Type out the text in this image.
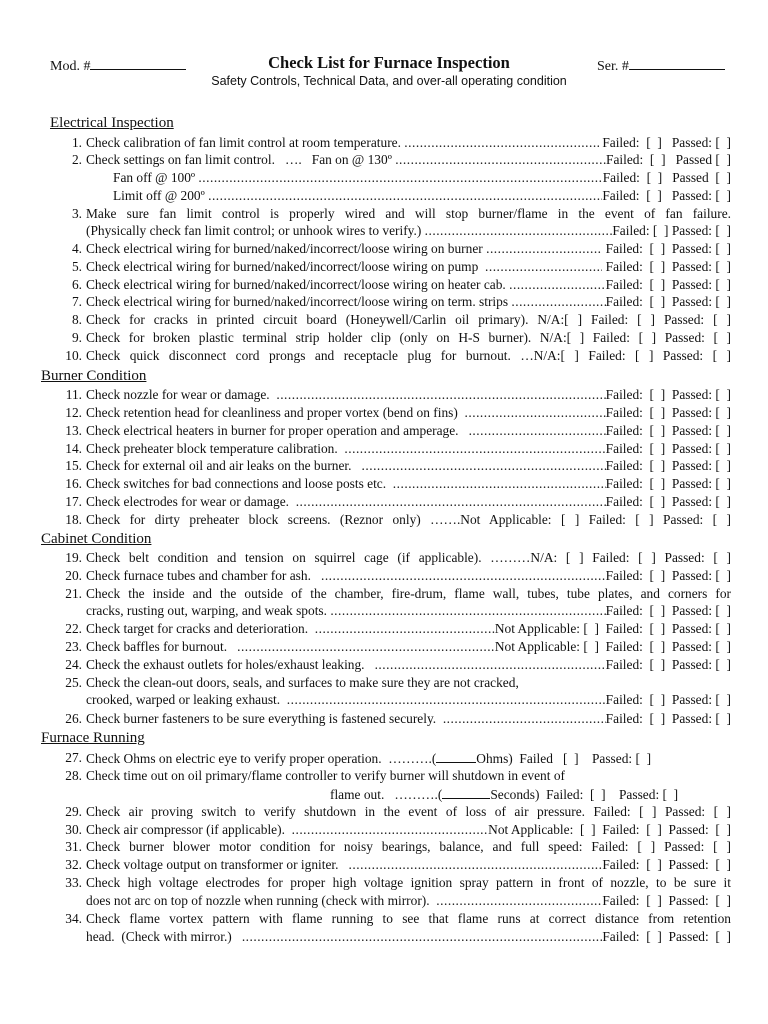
Mod. #	Check List for Furnace Inspection	Ser. #
Safety Controls, Technical Data, and over-all operating condition
Electrical Inspection
1. Check calibration of fan limit control at room temperature. .....	Failed:  [  ]   Passed: [  ]
2. Check settings on fan limit control.   ….   Fan on @ 130º .....	Failed:  [  ]   Passed [  ]
Fan off @ 100º .....	Failed:  [  ]   Passed  [  ]
Limit off @ 200º .....	Failed:  [  ]   Passed: [  ]
3. Make sure fan limit control is properly wired and will stop burner/flame in the event of fan failure.
(Physically check fan limit control; or unhook wires to verify.) .....	Failed: [  ] Passed: [  ]
4. Check electrical wiring for burned/naked/incorrect/loose wiring on burner .....	Failed:  [  ]  Passed: [  ]
5. Check electrical wiring for burned/naked/incorrect/loose wiring on pump .....	Failed:  [  ]  Passed: [  ]
6. Check electrical wiring for burned/naked/incorrect/loose wiring on heater cab. .....	Failed:  [  ]  Passed: [  ]
7. Check electrical wiring for burned/naked/incorrect/loose wiring on term. strips .....	Failed:  [  ]  Passed: [  ]
8. Check for cracks in printed circuit board (Honeywell/Carlin oil primary). N/A:[ ] Failed: [ ] Passed: [ ]
9. Check for broken plastic terminal strip holder clip (only on H-S burner). N/A:[ ] Failed: [ ] Passed: [ ]
10. Check quick disconnect cord prongs and receptacle plug for burnout. …N/A:[ ] Failed: [ ] Passed: [ ]
Burner Condition
11. Check nozzle for wear or damage. .....	Failed:  [  ]  Passed: [  ]
12. Check retention head for cleanliness and proper vortex (bend on fins) .....	Failed:  [  ]  Passed: [  ]
13. Check electrical heaters in burner for proper operation and amperage. .....	Failed:  [  ]  Passed: [  ]
14. Check preheater block temperature calibration. .....	Failed:  [  ]  Passed: [  ]
15. Check for external oil and air leaks on the burner. .....	Failed:  [  ]  Passed: [  ]
16. Check switches for bad connections and loose posts etc. .....	Failed:  [  ]  Passed: [  ]
17. Check electrodes for wear or damage. .....	Failed:  [  ]  Passed: [  ]
18. Check for dirty preheater block screens. (Reznor only) …….Not Applicable: [ ] Failed: [ ] Passed: [ ]
Cabinet Condition
19. Check belt condition and tension on squirrel cage (if applicable). ………N/A: [ ] Failed: [ ] Passed: [ ]
20. Check furnace tubes and chamber for ash. .....	Failed:  [  ]  Passed: [  ]
21. Check the inside and the outside of the chamber, fire-drum, flame wall, tubes, tube plates, and corners for
cracks, rusting out, warping, and weak spots. .....	Failed:  [  ]  Passed: [  ]
22. Check target for cracks and deterioration. .....	Not Applicable: [  ]  Failed:  [  ]  Passed: [  ]
23. Check baffles for burnout. .....	Not Applicable: [  ]  Failed:  [  ]  Passed: [  ]
24. Check the exhaust outlets for holes/exhaust leaking. .....	Failed:  [  ]  Passed: [  ]
25. Check the clean-out doors, seals, and surfaces to make sure they are not cracked,
crooked, warped or leaking exhaust. .....	Failed:  [  ]  Passed: [  ]
26. Check burner fasteners to be sure everything is fastened securely. .....	Failed:  [  ]  Passed: [  ]
Furnace Running
27. Check Ohms on electric eye to verify proper operation.  ……….(	Ohms)  Failed   [  ]    Passed: [  ]
28. Check time out on oil primary/flame controller to verify burner will shutdown in event of
flame out.   ……….(	Seconds)  Failed:  [  ]    Passed: [  ]
29. Check air proving switch to verify shutdown in the event of loss of air pressure. Failed: [ ] Passed: [ ]
30. Check air compressor (if applicable). .....	Not Applicable:  [  ]  Failed:  [  ]  Passed:  [  ]
31. Check burner blower motor condition for noisy bearings, balance, and full speed: Failed: [ ] Passed: [ ]
32. Check voltage output on transformer or igniter. .....	Failed:  [  ]  Passed:  [  ]
33. Check high voltage electrodes for proper high voltage ignition spray pattern in front of nozzle, to be sure it
does not arc on top of nozzle when running (check with mirror). .....	Failed:  [  ]  Passed:  [  ]
34. Check flame vortex pattern with flame running to see that flame runs at correct distance from retention
head.  (Check with mirror.) .....	Failed:  [  ]  Passed:  [  ]
